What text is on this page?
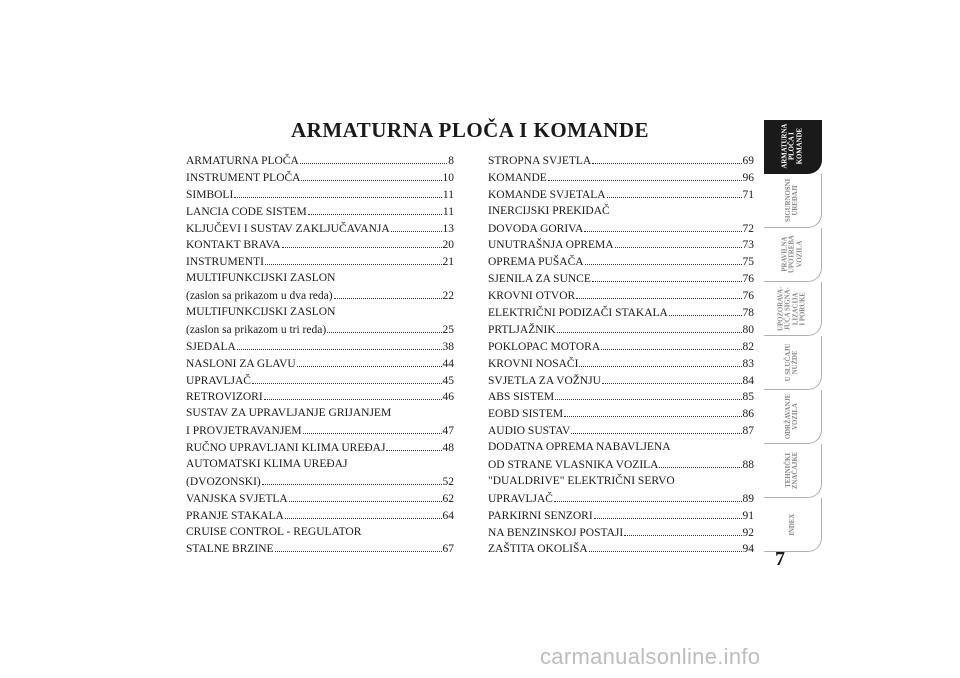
ARMATURNA PLOČA I KOMANDE
ARMATURNA PLOČA	8
INSTRUMENT PLOČA	10
SIMBOLI	11
LANCIA CODE SISTEM	11
KLJUČEVI I SUSTAV ZAKLJUČAVANJA	13
KONTAKT BRAVA	20
INSTRUMENTI	21
MULTIFUNKCIJSKI ZASLON
(zaslon sa prikazom u dva reda)	22
MULTIFUNKCIJSKI ZASLON
(zaslon sa prikazom u tri reda)	25
SJEDALA	38
NASLONI ZA GLAVU	44
UPRAVLJAČ	45
RETROVIZORI	46
SUSTAV ZA UPRAVLJANJE GRIJANJEM
I PROVJETRAVANJEM	47
RUČNO UPRAVLJANI KLIMA UREĐAJ	48
AUTOMATSKI KLIMA UREĐAJ
(DVOZONSKI)	52
VANJSKA SVJETLA	62
PRANJE STAKALA	64
CRUISE CONTROL - REGULATOR
STALNE BRZINE	67
STROPNA SVJETLA	69
KOMANDE	96
KOMANDE SVJETALA	71
INERCIJSKI PREKIDAČ
DOVODA GORIVA	72
UNUTRAŠNJA OPREMA	73
OPREMA PUŠAČA	75
SJENILA ZA SUNCE	76
KROVNI OTVOR	76
ELEKTRIČNI PODIZAČI STAKALA	78
PRTLJAŽNIK	80
POKLOPAC MOTORA	82
KROVNI NOSAČI	83
SVJETLA ZA VOŽNJU	84
ABS SISTEM	85
EOBD SISTEM	86
AUDIO SUSTAV	87
DODATNA OPREMA NABAVLJENA
OD STRANE VLASNIKA VOZILA	88
"DUALDRIVE" ELEKTRIČNI SERVO
UPRAVLJAČ	89
PARKIRNI SENZORI	91
NA BENZINSKOJ POSTAJI	92
ZAŠTITA OKOLIŠA	94
ARMATURNA
PLOČA I
KOMANDE
SIGURNOSNI
UREĐAJI
PRAVILNA
UPOTREBA
VOZILA
UPOZORAVA-
JUĆA SIGNA-
LIZACIJA
I PORUKE
U SLUČAJU
NUŽDE
ODRŽAVANJE
VOZILA
TEHNIČKI
ZNAČAJKE
INDEX
7
carmanualsonline.info
